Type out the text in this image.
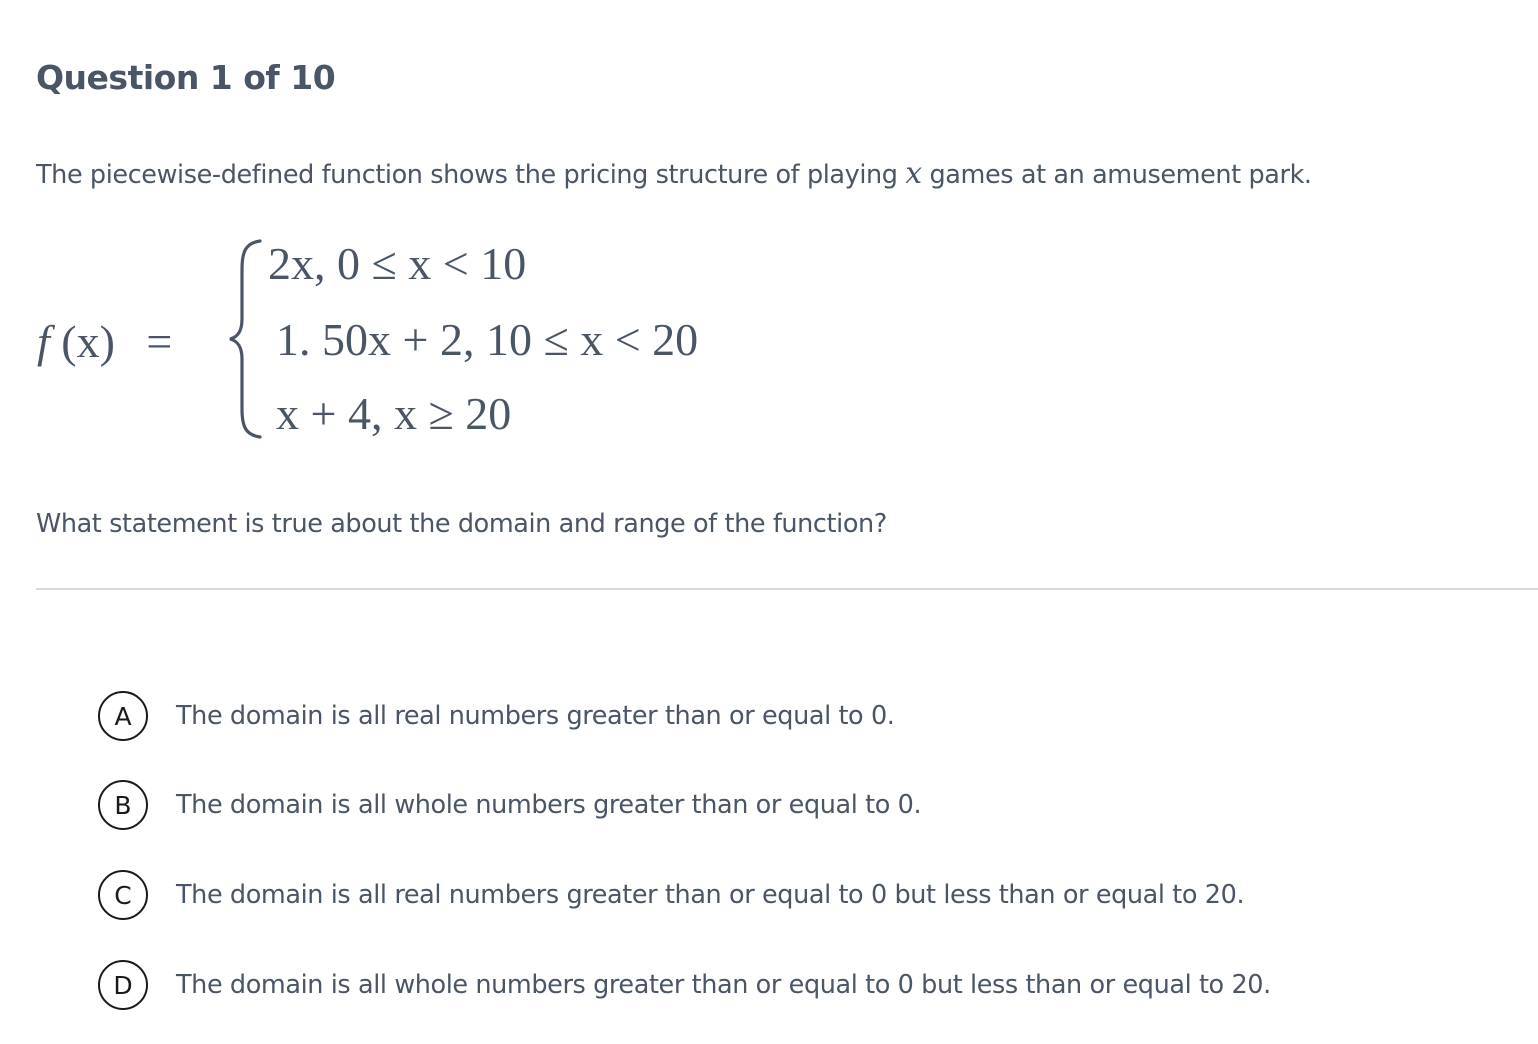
Question 1 of 10

The piecewise-defined function shows the pricing structure of playing x games at an amusement park.

f (x) =
2x, 0 ≤ x < 10
1. 50x + 2, 10 ≤ x < 20
x + 4, x ≥ 20

What statement is true about the domain and range of the function?

A	The domain is all real numbers greater than or equal to 0.
B	The domain is all whole numbers greater than or equal to 0.
C	The domain is all real numbers greater than or equal to 0 but less than or equal to 20.
D	The domain is all whole numbers greater than or equal to 0 but less than or equal to 20.
